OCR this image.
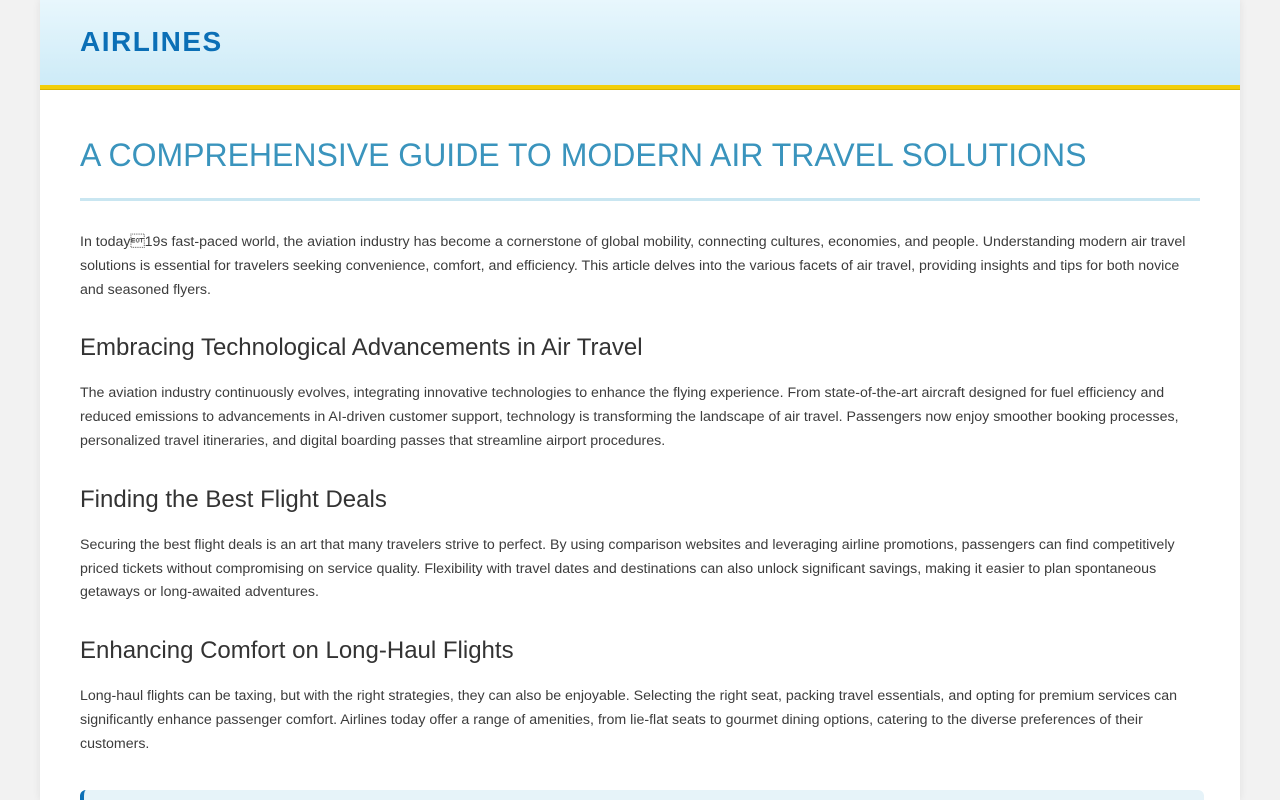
AIRLINES
A COMPREHENSIVE GUIDE TO MODERN AIR TRAVEL SOLUTIONS

In today19s fast-paced world, the aviation industry has become a cornerstone of global mobility, connecting cultures, economies, and people. Understanding modern air travel solutions is essential for travelers seeking convenience, comfort, and efficiency. This article delves into the various facets of air travel, providing insights and tips for both novice and seasoned flyers.

Embracing Technological Advancements in Air Travel

The aviation industry continuously evolves, integrating innovative technologies to enhance the flying experience. From state-of-the-art aircraft designed for fuel efficiency and reduced emissions to advancements in AI-driven customer support, technology is transforming the landscape of air travel. Passengers now enjoy smoother booking processes, personalized travel itineraries, and digital boarding passes that streamline airport procedures.

Finding the Best Flight Deals

Securing the best flight deals is an art that many travelers strive to perfect. By using comparison websites and leveraging airline promotions, passengers can find competitively priced tickets without compromising on service quality. Flexibility with travel dates and destinations can also unlock significant savings, making it easier to plan spontaneous getaways or long-awaited adventures.

Enhancing Comfort on Long-Haul Flights

Long-haul flights can be taxing, but with the right strategies, they can also be enjoyable. Selecting the right seat, packing travel essentials, and opting for premium services can significantly enhance passenger comfort. Airlines today offer a range of amenities, from lie-flat seats to gourmet dining options, catering to the diverse preferences of their customers.
